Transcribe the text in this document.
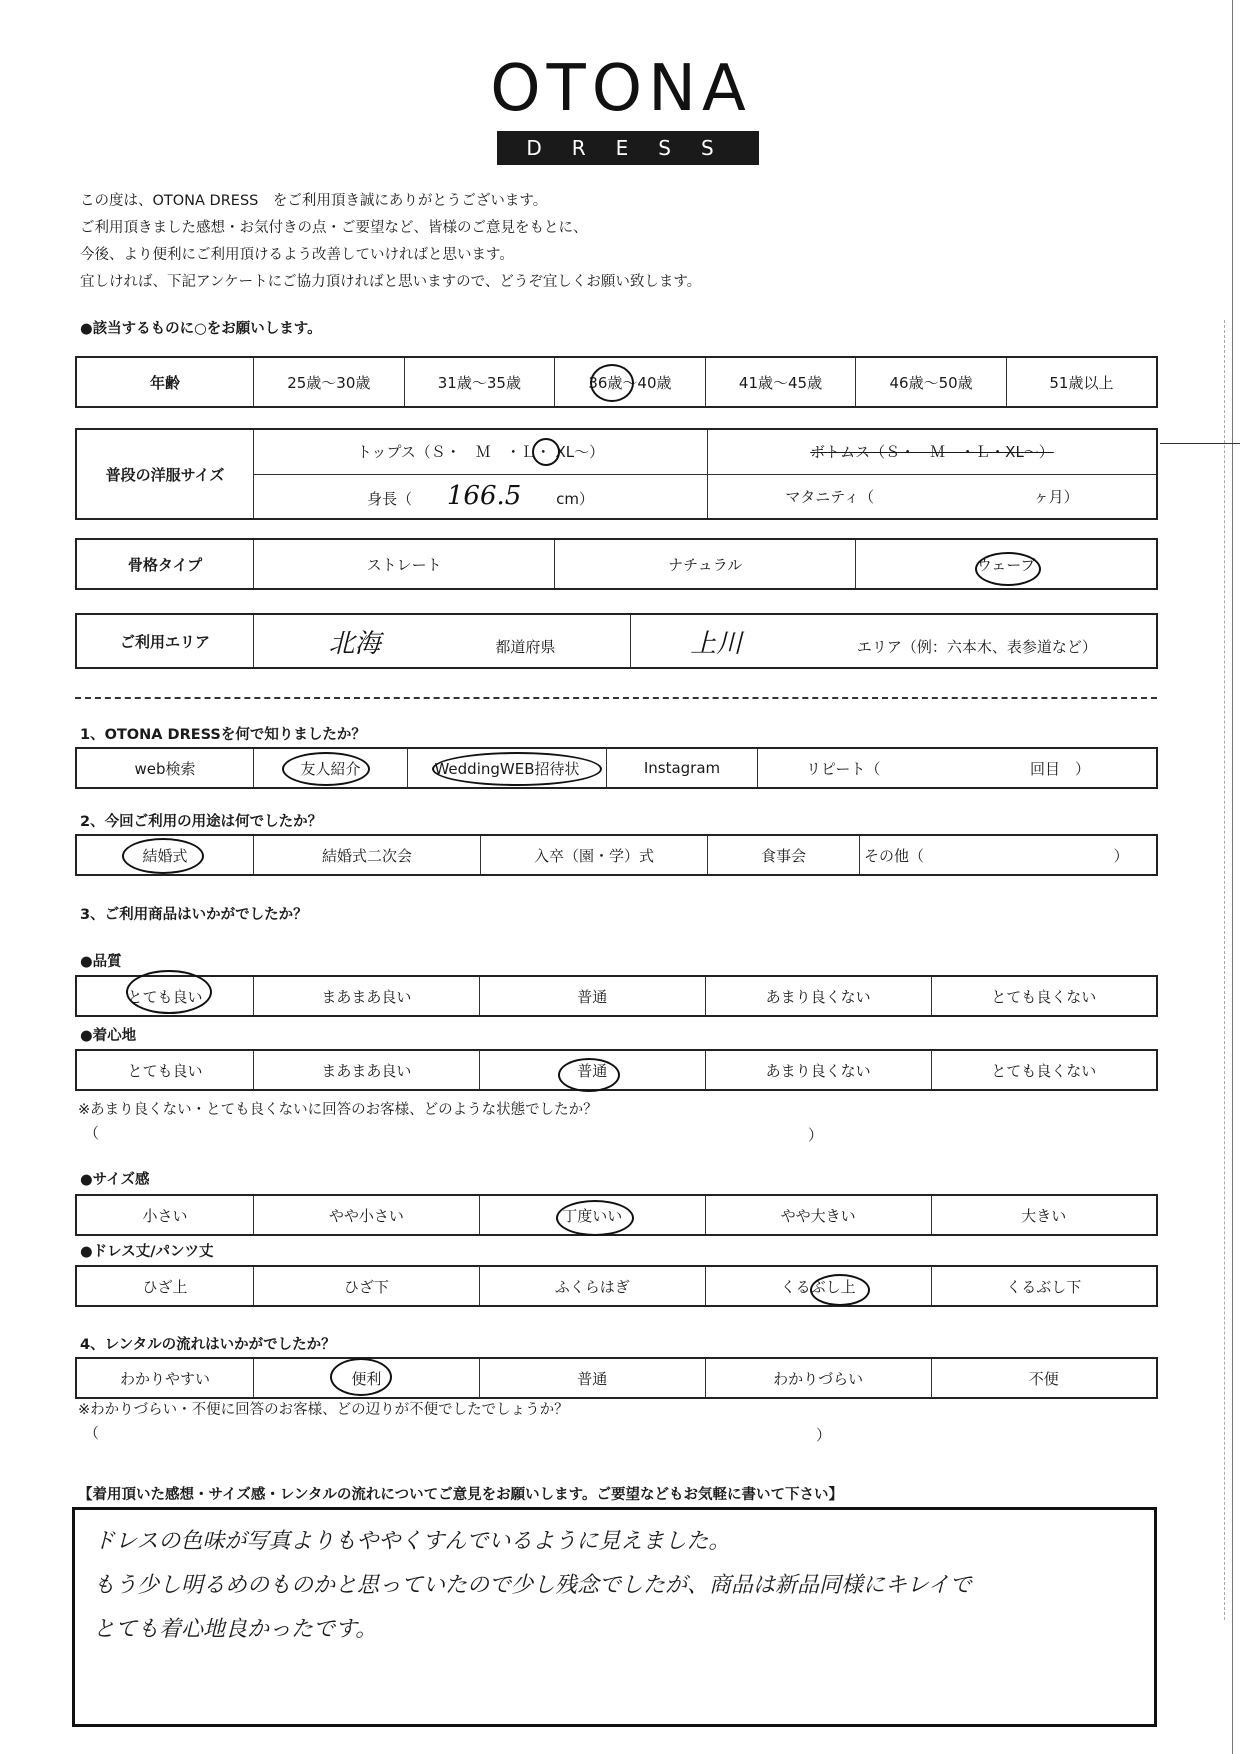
OTONA
DRESS
この度は、OTONA DRESS　をご利用頂き誠にありがとうございます。
ご利用頂きました感想・お気付きの点・ご要望など、皆様のご意見をもとに、
今後、より便利にご利用頂けるよう改善していければと思います。
宜しければ、下記アンケートにご協力頂ければと思いますので、どうぞ宜しくお願い致します。
●該当するものに○をお願いします。
年齢	25歳〜30歳	31歳〜35歳	36歳〜40歳	41歳〜45歳	46歳〜50歳	51歳以上
普段の洋服サイズ	トップス（Ｓ・　Ｍ　・Ｌ・ XL〜）	ボトムス（Ｓ・　Ｍ　・Ｌ・XL〜）
	身長（ 166.5 cm）	マタニティ（ ヶ月）
骨格タイプ	ストレート	ナチュラル	ウェーブ
ご利用エリア	北海	都道府県	上川	エリア（例：六本木、表参道など）
1、OTONA DRESSを何で知りましたか？
web検索	友人紹介	WeddingWEB招待状	Instagram	リピート（	回目　）
2、今回ご利用の用途は何でしたか？
結婚式	結婚式二次会	入卒（園・学）式	食事会	その他（	）
3、ご利用商品はいかがでしたか？
●品質
とても良い	まあまあ良い	普通	あまり良くない	とても良くない
●着心地
とても良い	まあまあ良い	普通	あまり良くない	とても良くない
※あまり良くない・とても良くないに回答のお客様、どのような状態でしたか？
（	）
●サイズ感
小さい	やや小さい	丁度いい	やや大きい	大きい
●ドレス丈/パンツ丈
ひざ上	ひざ下	ふくらはぎ	くるぶし上	くるぶし下
4、レンタルの流れはいかがでしたか？
わかりやすい	便利	普通	わかりづらい	不便
※わかりづらい・不便に回答のお客様、どの辺りが不便でしたでしょうか？
（	）
【着用頂いた感想・サイズ感・レンタルの流れについてご意見をお願いします。ご要望などもお気軽に書いて下さい】
ドレスの色味が写真よりもややくすんでいるように見えました。
もう少し明るめのものかと思っていたので少し残念でしたが、商品は新品同様にキレイで
とても着心地良かったです。
